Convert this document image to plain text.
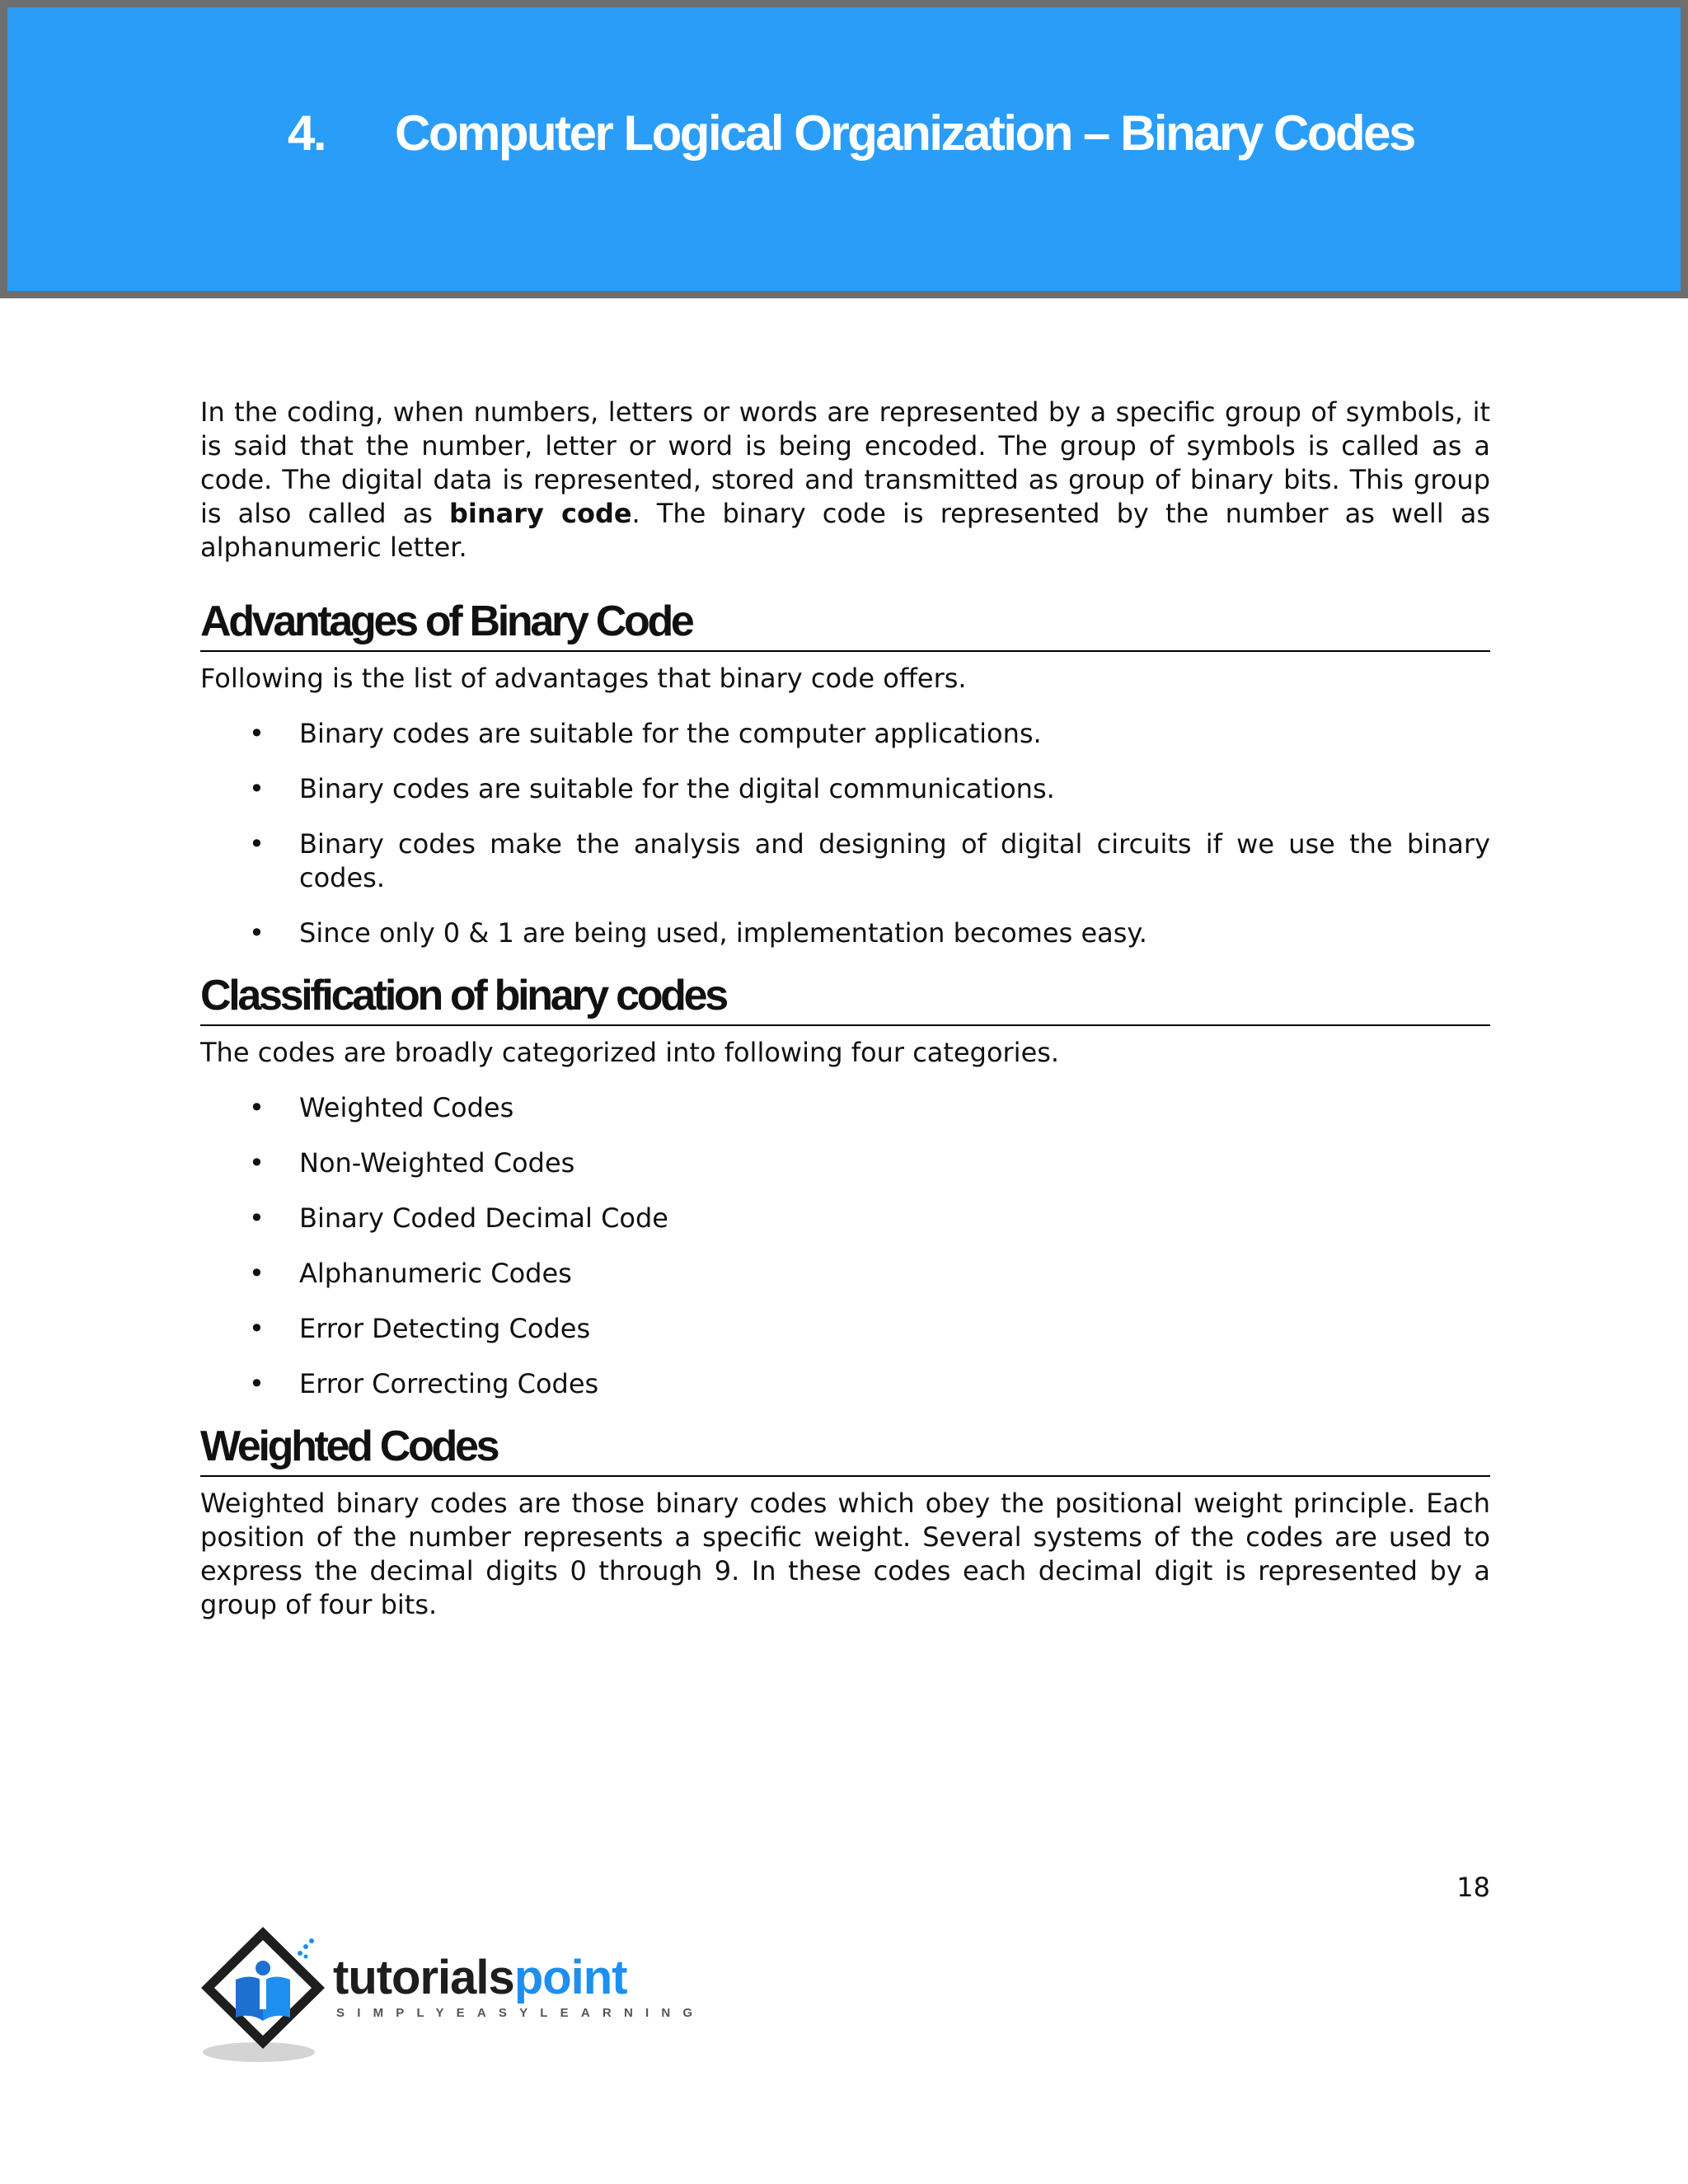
4.	Computer Logical Organization – Binary Codes

In the coding, when numbers, letters or words are represented by a specific group of symbols, it is said that the number, letter or word is being encoded. The group of symbols is called as a code. The digital data is represented, stored and transmitted as group of binary bits. This group is also called as binary code. The binary code is represented by the number as well as alphanumeric letter.

Advantages of Binary Code

Following is the list of advantages that binary code offers.

• Binary codes are suitable for the computer applications.
• Binary codes are suitable for the digital communications.
• Binary codes make the analysis and designing of digital circuits if we use the binary codes.
• Since only 0 & 1 are being used, implementation becomes easy.
Classification of binary codes

The codes are broadly categorized into following four categories.

• Weighted Codes
• Non-Weighted Codes
• Binary Coded Decimal Code
• Alphanumeric Codes
• Error Detecting Codes
• Error Correcting Codes
Weighted Codes

Weighted binary codes are those binary codes which obey the positional weight principle. Each position of the number represents a specific weight. Several systems of the codes are used to express the decimal digits 0 through 9. In these codes each decimal digit is represented by a group of four bits.

18
tutorialspoint
SIMPLYEASYLEARNING
